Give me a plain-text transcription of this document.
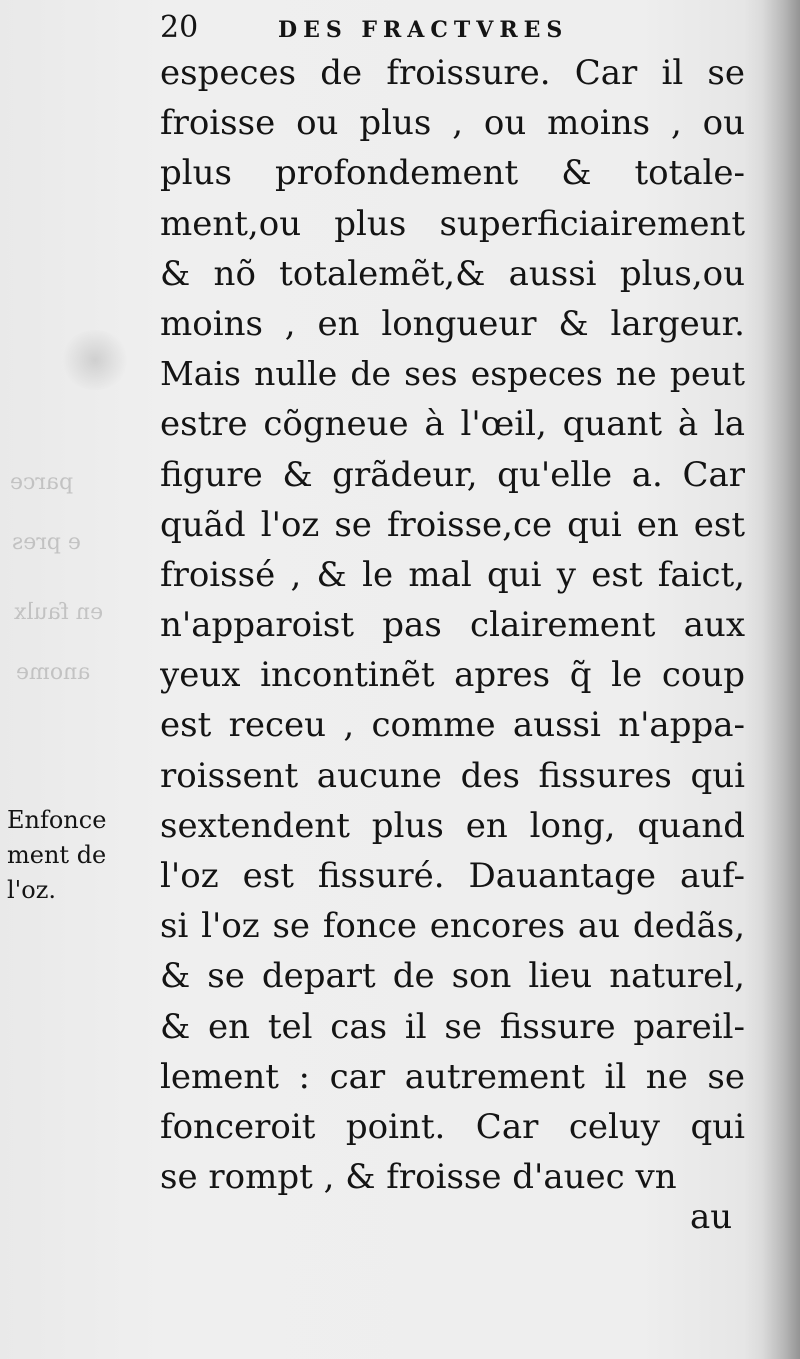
parce
e pres
en faulx
anome
20	DES FRACTVRES
especes de froissure. Car il se
froisse ou plus , ou moins , ou
plus profondement & totale-
ment,ou plus superficiairement
& nõ totalemẽt,& aussi plus,ou
moins , en longueur & largeur.
Mais nulle de ses especes ne peut
estre cõgneue à l'œil, quant à la
figure & grãdeur, qu'elle a. Car
quãd l'oz se froisse,ce qui en est
froissé , & le mal qui y est faict,
n'apparoist pas clairement aux
yeux incontinẽt apres q̃ le coup
est receu , comme aussi n'appa-
roissent aucune des fissures qui
sextendent plus en long, quand
l'oz est fissuré. Dauantage auf-
si l'oz se fonce encores au dedãs,
& se depart de son lieu naturel,
& en tel cas il se fissure pareil-
lement : car autrement il ne se
fonceroit point. Car celuy qui
se rompt , & froisse d'auec vn
au
Enfonce
ment de
l'oz.
